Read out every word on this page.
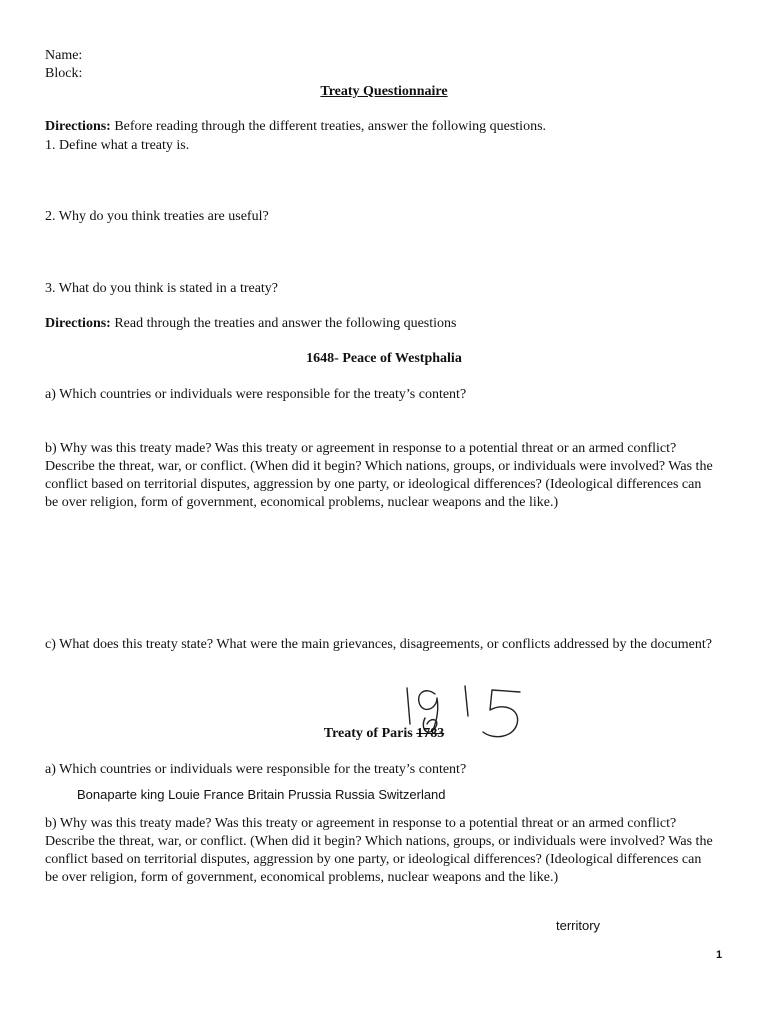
Name:

Block:

Treaty Questionnaire

Directions: Before reading through the different treaties, answer the following questions.

1. Define what a treaty is.

2. Why do you think treaties are useful?

3. What do you think is stated in a treaty?

Directions: Read through the treaties and answer the following questions

1648- Peace of Westphalia

a) Which countries or individuals were responsible for the treaty’s content?

b) Why was this treaty made? Was this treaty or agreement in response to a potential threat or an armed conflict? Describe the threat, war, or conflict. (When did it begin? Which nations, groups, or individuals were involved? Was the conflict based on territorial disputes, aggression by one party, or ideological differences? (Ideological differences can be over religion, form of government, economical problems, nuclear weapons and the like.)

c) What does this treaty state? What were the main grievances, disagreements, or conflicts addressed by the document?

1815

Treaty of Paris 1783

a) Which countries or individuals were responsible for the treaty’s content?

Bonaparte king Louie France Britain Prussia Russia Switzerland

b) Why was this treaty made? Was this treaty or agreement in response to a potential threat or an armed conflict? Describe the threat, war, or conflict. (When did it begin? Which nations, groups, or individuals were involved? Was the conflict based on territorial disputes, aggression by one party, or ideological differences? (Ideological differences can be over religion, form of government, economical problems, nuclear weapons and the like.)

territory

1
